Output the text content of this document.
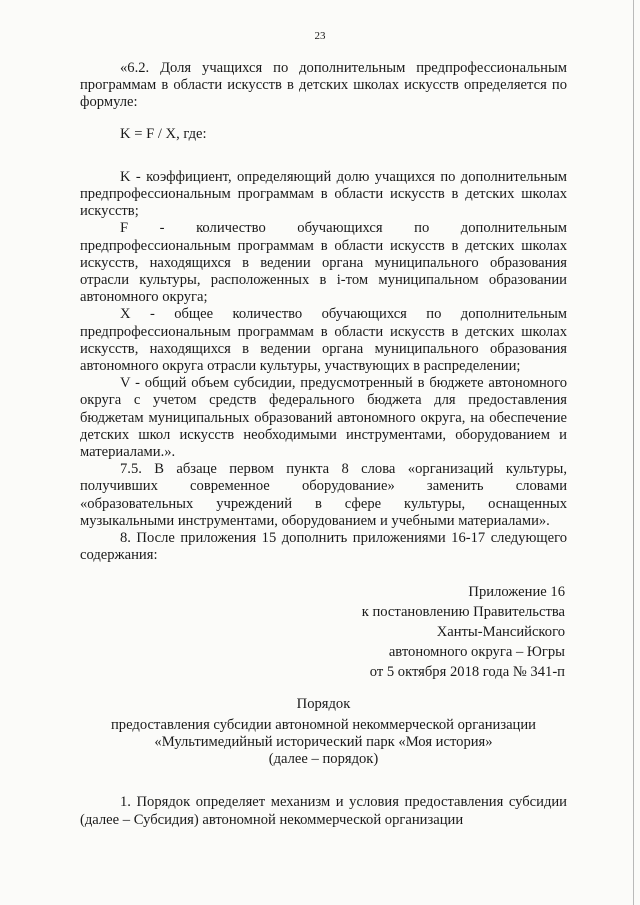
23

«6.2. Доля учащихся по дополнительным предпрофессиональным программам в области искусств в детских школах искусств определяется по формуле:

K = F / X, где:

K - коэффициент, определяющий долю учащихся по дополнительным предпрофессиональным программам в области искусств в детских школах искусств;

F - количество обучающихся по дополнительным предпрофессиональным программам в области искусств в детских школах искусств, находящихся в ведении органа муниципального образования отрасли культуры, расположенных в i-том муниципальном образовании автономного округа;

X - общее количество обучающихся по дополнительным предпрофессиональным программам в области искусств в детских школах искусств, находящихся в ведении органа муниципального образования автономного округа отрасли культуры, участвующих в распределении;

V - общий объем субсидии, предусмотренный в бюджете автономного округа с учетом средств федерального бюджета для предоставления бюджетам муниципальных образований автономного округа, на обеспечение детских школ искусств необходимыми инструментами, оборудованием и материалами.».

7.5. В абзаце первом пункта 8 слова «организаций культуры, получивших современное оборудование» заменить словами «образовательных учреждений в сфере культуры, оснащенных музыкальными инструментами, оборудованием и учебными материалами».

8. После приложения 15 дополнить приложениями 16-17 следующего содержания:

Приложение 16
к постановлению Правительства
Ханты-Мансийского
автономного округа – Югры
от 5 октября 2018 года № 341-п
Порядок
предоставления субсидии автономной некоммерческой организации
«Мультимедийный исторический парк «Моя история»
(далее – порядок)

1. Порядок определяет механизм и условия предоставления субсидии (далее – Субсидия) автономной некоммерческой организации
